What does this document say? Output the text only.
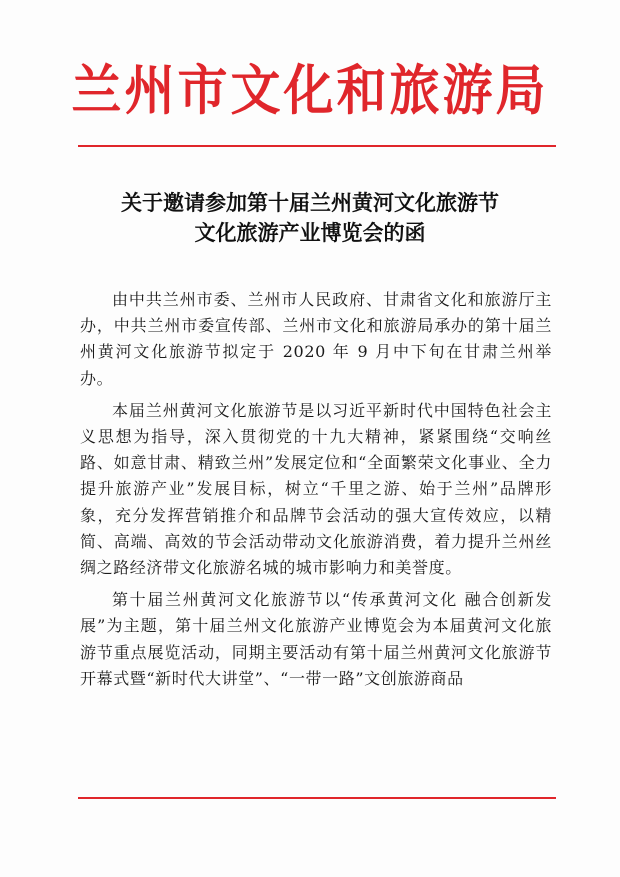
兰州市文化和旅游局
关于邀请参加第十届兰州黄河文化旅游节
文化旅游产业博览会的函

由中共兰州市委、兰州市人民政府、甘肃省文化和旅游厅主办，中共兰州市委宣传部、兰州市文化和旅游局承办的第十届兰州黄河文化旅游节拟定于 2020 年 9 月中下旬在甘肃兰州举办。

本届兰州黄河文化旅游节是以习近平新时代中国特色社会主义思想为指导，深入贯彻党的十九大精神，紧紧围绕“交响丝路、如意甘肃、精致兰州”发展定位和“全面繁荣文化事业、全力提升旅游产业”发展目标，树立“千里之游、始于兰州”品牌形象，充分发挥营销推介和品牌节会活动的强大宣传效应，以精简、高端、高效的节会活动带动文化旅游消费，着力提升兰州丝绸之路经济带文化旅游名城的城市影响力和美誉度。

第十届兰州黄河文化旅游节以“传承黄河文化 融合创新发展”为主题，第十届兰州文化旅游产业博览会为本届黄河文化旅游节重点展览活动，同期主要活动有第十届兰州黄河文化旅游节开幕式暨“新时代大讲堂”、“一带一路”文创旅游商品
